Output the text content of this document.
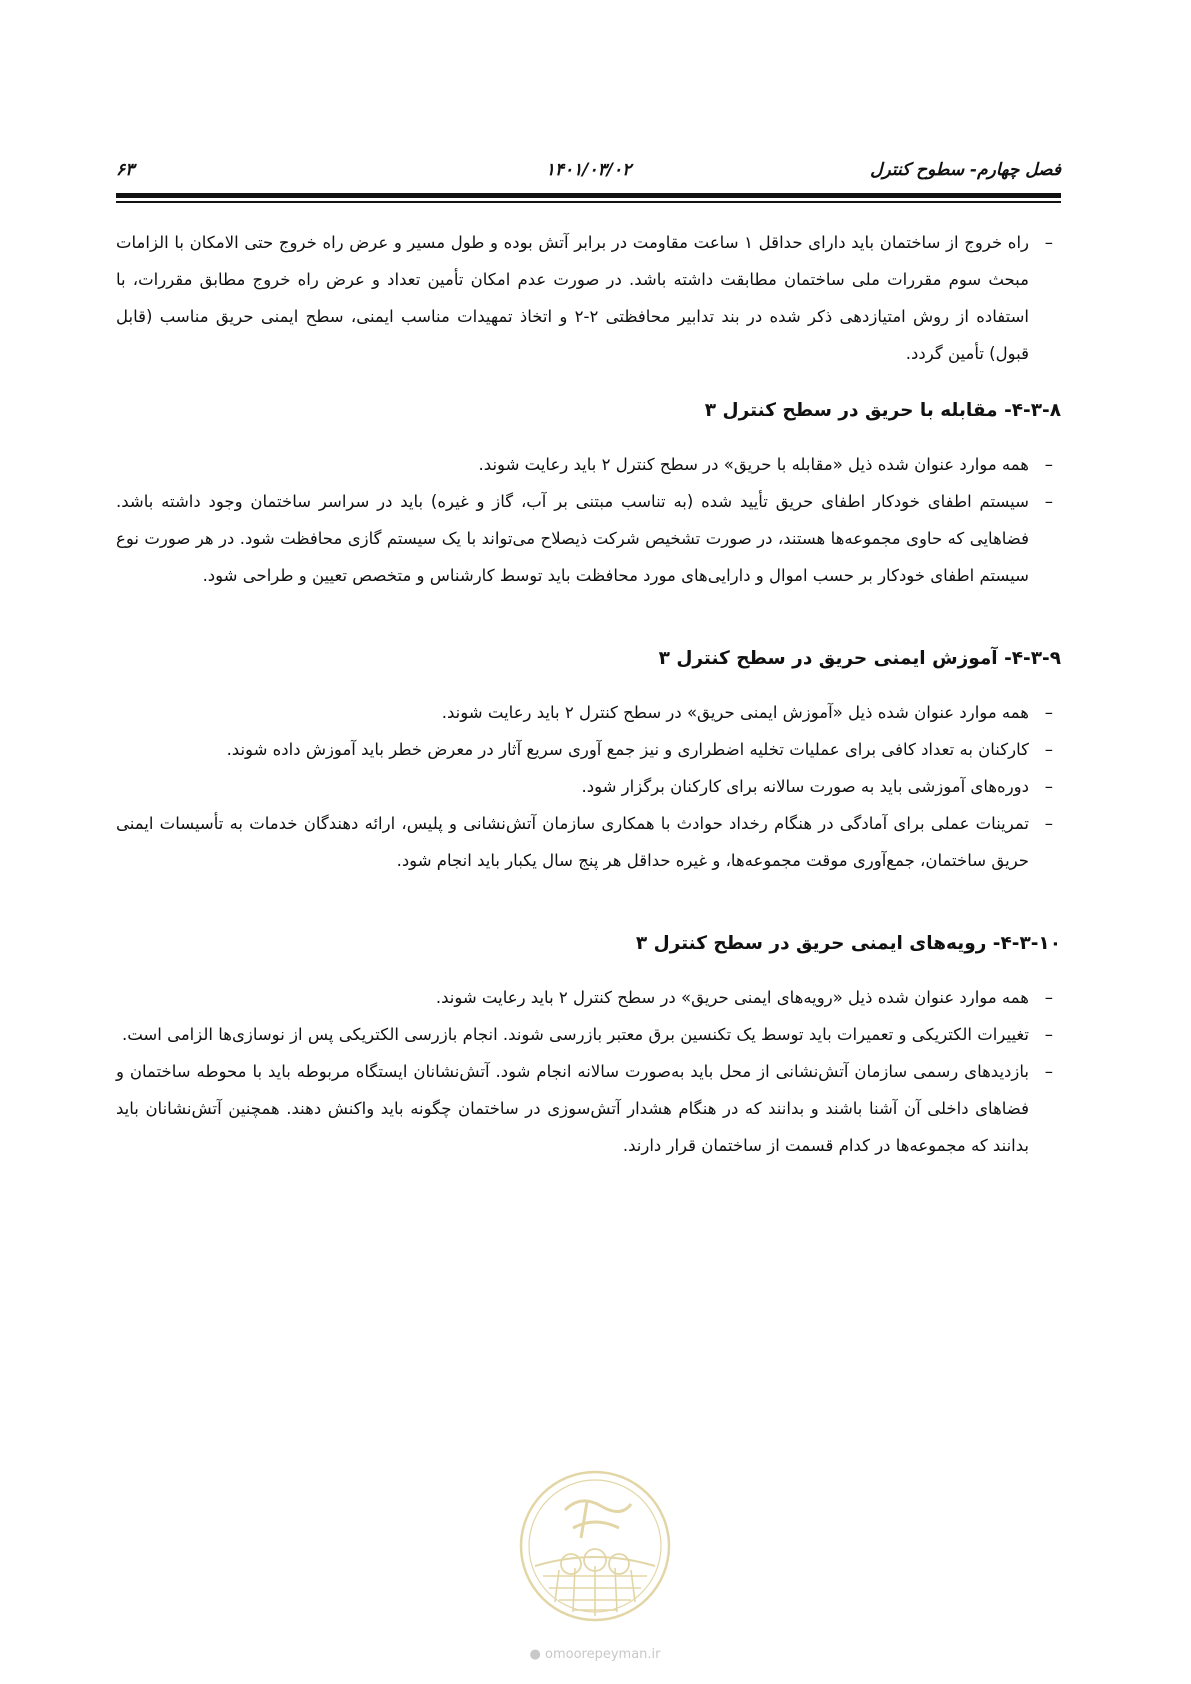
فصل چهارم- سطوح کنترل
۱۴۰۱/۰۳/۰۲
۶۳
–
راه خروج از ساختمان باید دارای حداقل ۱ ساعت مقاومت در برابر آتش بوده و طول مسیر و عرض راه خروج حتی الامکان با الزامات مبحث سوم مقررات ملی ساختمان مطابقت داشته باشد. در صورت عدم امکان تأمین تعداد و عرض راه خروج مطابق مقررات، با استفاده از روش امتیازدهی ذکر شده در بند تدابیر محافظتی ۲-۲ و اتخاذ تمهیدات مناسب ایمنی، سطح ایمنی حریق مناسب (قابل قبول) تأمین گردد.
۴-۳-۸- مقابله با حریق در سطح کنترل ۳
–
همه موارد عنوان شده ذیل «مقابله با حریق» در سطح کنترل ۲ باید رعایت شوند.
–
سیستم اطفای خودکار اطفای حریق تأیید شده (به تناسب مبتنی بر آب، گاز و غیره) باید در سراسر ساختمان وجود داشته باشد. فضاهایی که حاوی مجموعه‌ها هستند، در صورت تشخیص شرکت ذیصلاح می‌تواند با یک سیستم گازی محافظت شود. در هر صورت نوع سیستم اطفای خودکار بر حسب اموال و دارایی‌های مورد محافظت باید توسط کارشناس و متخصص تعیین و طراحی شود.
۴-۳-۹- آموزش ایمنی حریق در سطح کنترل ۳
–
همه موارد عنوان شده ذیل «آموزش ایمنی حریق» در سطح کنترل ۲ باید رعایت شوند.
–
کارکنان به تعداد کافی برای عملیات تخلیه اضطراری و نیز جمع آوری سریع آثار در معرض خطر باید آموزش داده شوند.
–
دوره‌های آموزشی باید به صورت سالانه برای کارکنان برگزار شود.
–
تمرینات عملی برای آمادگی در هنگام رخداد حوادث با همکاری سازمان آتش‌نشانی و پلیس، ارائه دهندگان خدمات به تأسیسات ایمنی حریق ساختمان، جمع‌آوری موقت مجموعه‌ها، و غیره حداقل هر پنج سال یکبار باید انجام شود.
۴-۳-۱۰- رویه‌های ایمنی حریق در سطح کنترل ۳
–
همه موارد عنوان شده ذیل «رویه‌های ایمنی حریق» در سطح کنترل ۲ باید رعایت شوند.
–
تغییرات الکتریکی و تعمیرات باید توسط یک تکنسین برق معتبر بازرسی شوند. انجام بازرسی الکتریکی پس از نوسازی‌ها الزامی است.
–
بازدیدهای رسمی سازمان آتش‌نشانی از محل باید به‌صورت سالانه انجام شود. آتش‌نشانان ایستگاه مربوطه باید با محوطه ساختمان و فضاهای داخلی آن آشنا باشند و بدانند که در هنگام هشدار آتش‌سوزی در ساختمان چگونه باید واکنش دهند. همچنین آتش‌نشانان باید بدانند که مجموعه‌ها در کدام قسمت از ساختمان قرار دارند.
● omoorepeyman.ir
